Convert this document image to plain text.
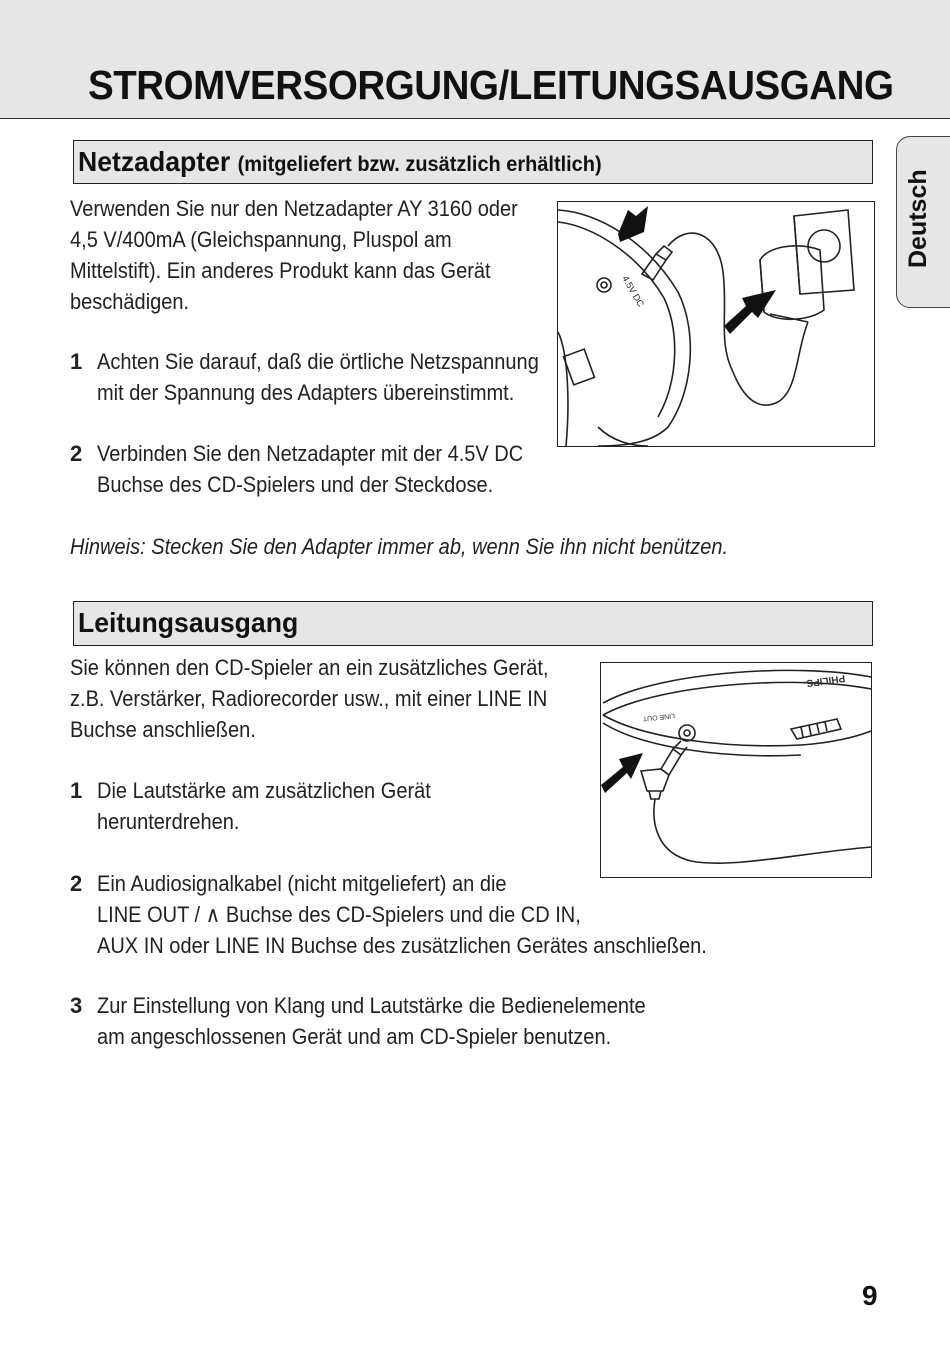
STROMVERSORGUNG/LEITUNGSAUSGANG
Deutsch
Netzadapter (mitgeliefert bzw. zusätzlich erhältlich)
Verwenden Sie nur den Netzadapter AY 3160 oder
4,5 V/400mA (Gleichspannung, Pluspol am
Mittelstift). Ein anderes Produkt kann das Gerät
beschädigen.
1 Achten Sie darauf, daß die örtliche Netzspannung
mit der Spannung des Adapters übereinstimmt.
2 Verbinden Sie den Netzadapter mit der 4.5V DC
Buchse des CD-Spielers und der Steckdose.
Hinweis: Stecken Sie den Adapter immer ab, wenn Sie ihn nicht benützen.
4.5V DC
Leitungsausgang
Sie können den CD-Spieler an ein zusätzliches Gerät,
z.B. Verstärker, Radiorecorder usw., mit einer LINE IN
Buchse anschließen.
1 Die Lautstärke am zusätzlichen Gerät
herunterdrehen.
2 Ein Audiosignalkabel (nicht mitgeliefert) an die
LINE OUT / ∧ Buchse des CD-Spielers und die CD IN,
AUX IN oder LINE IN Buchse des zusätzlichen Gerätes anschließen.
3 Zur Einstellung von Klang und Lautstärke die Bedienelemente
am angeschlossenen Gerät und am CD-Spieler benutzen.
PHILIPS
LINE OUT
9
